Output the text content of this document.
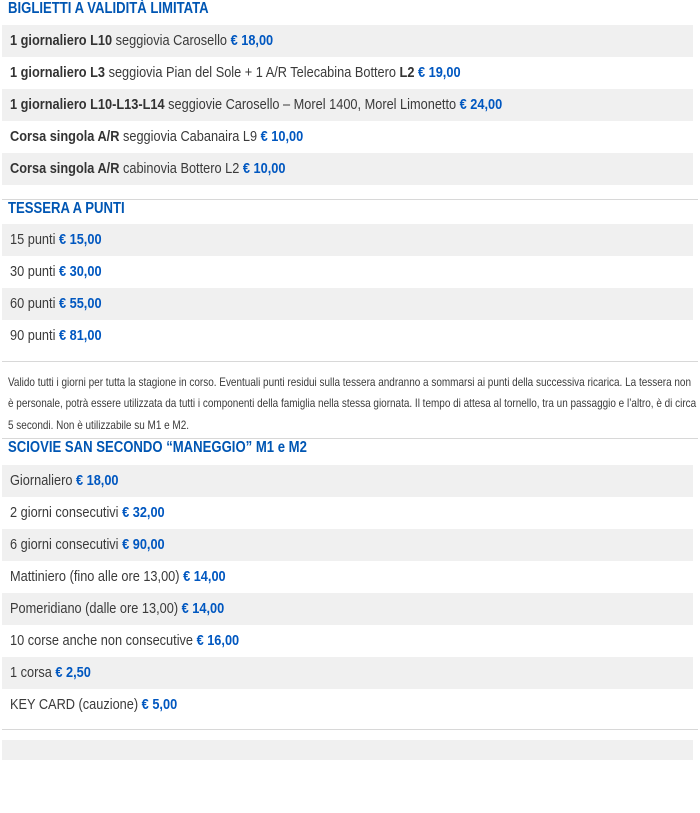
BIGLIETTI A VALIDITÀ LIMITATA
1 giornaliero L10 seggiovia Carosello € 18,00
1 giornaliero L3 seggiovia Pian del Sole + 1 A/R Telecabina Bottero L2 € 19,00
1 giornaliero L10-L13-L14 seggiovie Carosello – Morel 1400, Morel Limonetto € 24,00
Corsa singola A/R seggiovia Cabanaira L9 € 10,00
Corsa singola A/R cabinovia Bottero L2 € 10,00
TESSERA A PUNTI
15 punti € 15,00
30 punti € 30,00
60 punti € 55,00
90 punti € 81,00

Valido tutti i giorni per tutta la stagione in corso. Eventuali punti residui sulla tessera andranno a sommarsi ai punti della successiva ricarica. La tessera non è personale, potrà essere utilizzata da tutti i componenti della famiglia nella stessa giornata. Il tempo di attesa al tornello, tra un passaggio e l’altro, è di circa 5 secondi. Non è utilizzabile su M1 e M2.

SCIOVIE SAN SECONDO “MANEGGIO” M1 e M2
Giornaliero € 18,00
2 giorni consecutivi € 32,00
6 giorni consecutivi € 90,00
Mattiniero (fino alle ore 13,00) € 14,00
Pomeridiano (dalle ore 13,00) € 14,00
10 corse anche non consecutive € 16,00
1 corsa € 2,50
KEY CARD (cauzione) € 5,00
